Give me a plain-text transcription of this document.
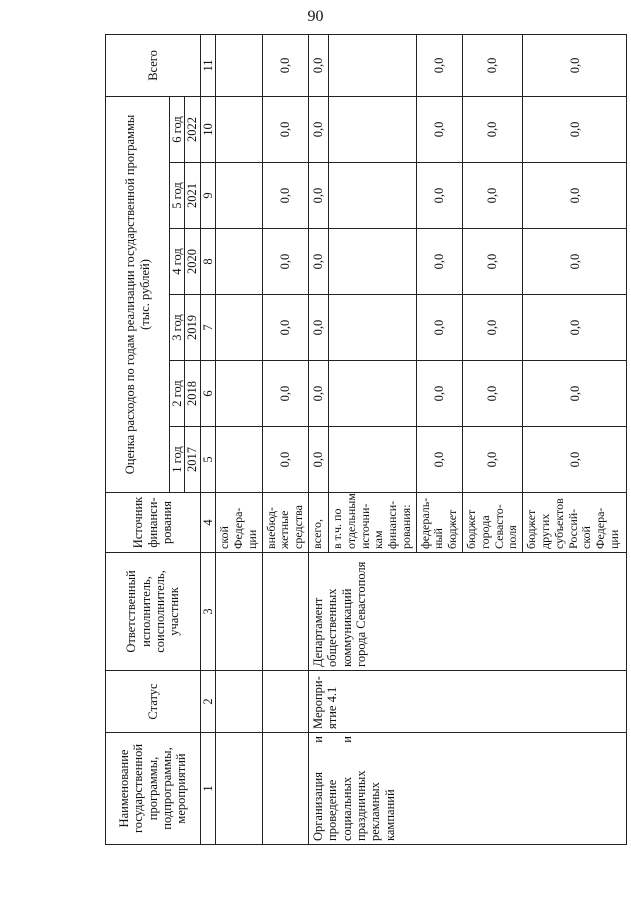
90
Наименование государственной программы, подпрограммы, мероприятий	Статус	Ответственный исполнитель, соисполнитель, участник	Источник финанси-рования	Оценка расходов по годам реализации государственной программы (тыс. рублей)						Всего
				1 год	2 год	3 год	4 год	5 год	6 год	
				2017	2018	2019	2020	2021	2022	
1	2	3	4	5	6	7	8	9	10	11
			ской Федера-ции							
			внебюд-жетные средства	0,0	0,0	0,0	0,0	0,0	0,0	0,0
Организация и проведение социальных и праздничных рекламных кампаний	Меропри-ятие 4.1	Департамент общественных коммуникаций города Севастополя	всего,	0,0	0,0	0,0	0,0	0,0	0,0	0,0
			в т.ч. по отдельным источни-кам финанси-рования:							
			федераль-ный бюджет	0,0	0,0	0,0	0,0	0,0	0,0	0,0
			бюджет города Севасто-поля	0,0	0,0	0,0	0,0	0,0	0,0	0,0
			бюджет других субъектов Россий-ской Федера-ции	0,0	0,0	0,0	0,0	0,0	0,0	0,0
